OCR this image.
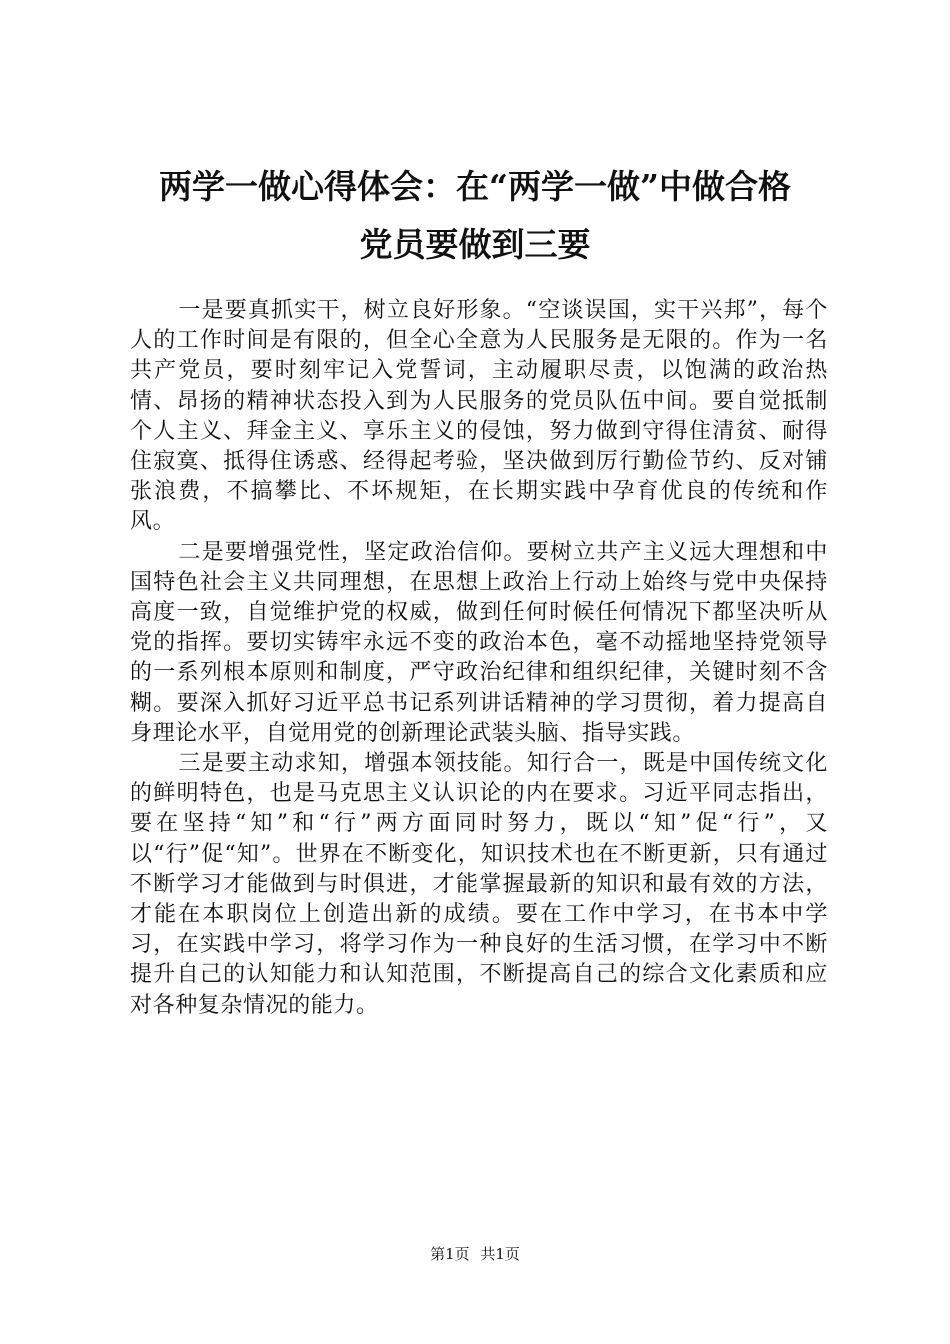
两学一做心得体会：在“两学一做”中做合格
党员要做到三要

一是要真抓实干，树立良好形象。“空谈误国，实干兴邦”，每个人的工作时间是有限的，但全心全意为人民服务是无限的。作为一名共产党员，要时刻牢记入党誓词，主动履职尽责，以饱满的政治热情、昂扬的精神状态投入到为人民服务的党员队伍中间。要自觉抵制个人主义、拜金主义、享乐主义的侵蚀，努力做到守得住清贫、耐得住寂寞、抵得住诱惑、经得起考验，坚决做到厉行勤俭节约、反对铺张浪费，不搞攀比、不坏规矩，在长期实践中孕育优良的传统和作风。

二是要增强党性，坚定政治信仰。要树立共产主义远大理想和中国特色社会主义共同理想，在思想上政治上行动上始终与党中央保持高度一致，自觉维护党的权威，做到任何时候任何情况下都坚决听从党的指挥。要切实铸牢永远不变的政治本色，毫不动摇地坚持党领导的一系列根本原则和制度，严守政治纪律和组织纪律，关键时刻不含糊。要深入抓好习近平总书记系列讲话精神的学习贯彻，着力提高自身理论水平，自觉用党的创新理论武装头脑、指导实践。

三是要主动求知，增强本领技能。知行合一，既是中国传统文化的鲜明特色，也是马克思主义认识论的内在要求。习近平同志指出，要在坚持“知”和“行”两方面同时努力，既以“知”促“行”，又以“行”促“知”。世界在不断变化，知识技术也在不断更新，只有通过不断学习才能做到与时俱进，才能掌握最新的知识和最有效的方法，才能在本职岗位上创造出新的成绩。要在工作中学习，在书本中学习，在实践中学习，将学习作为一种良好的生活习惯，在学习中不断提升自己的认知能力和认知范围，不断提高自己的综合文化素质和应对各种复杂情况的能力。

第1页 共1页
